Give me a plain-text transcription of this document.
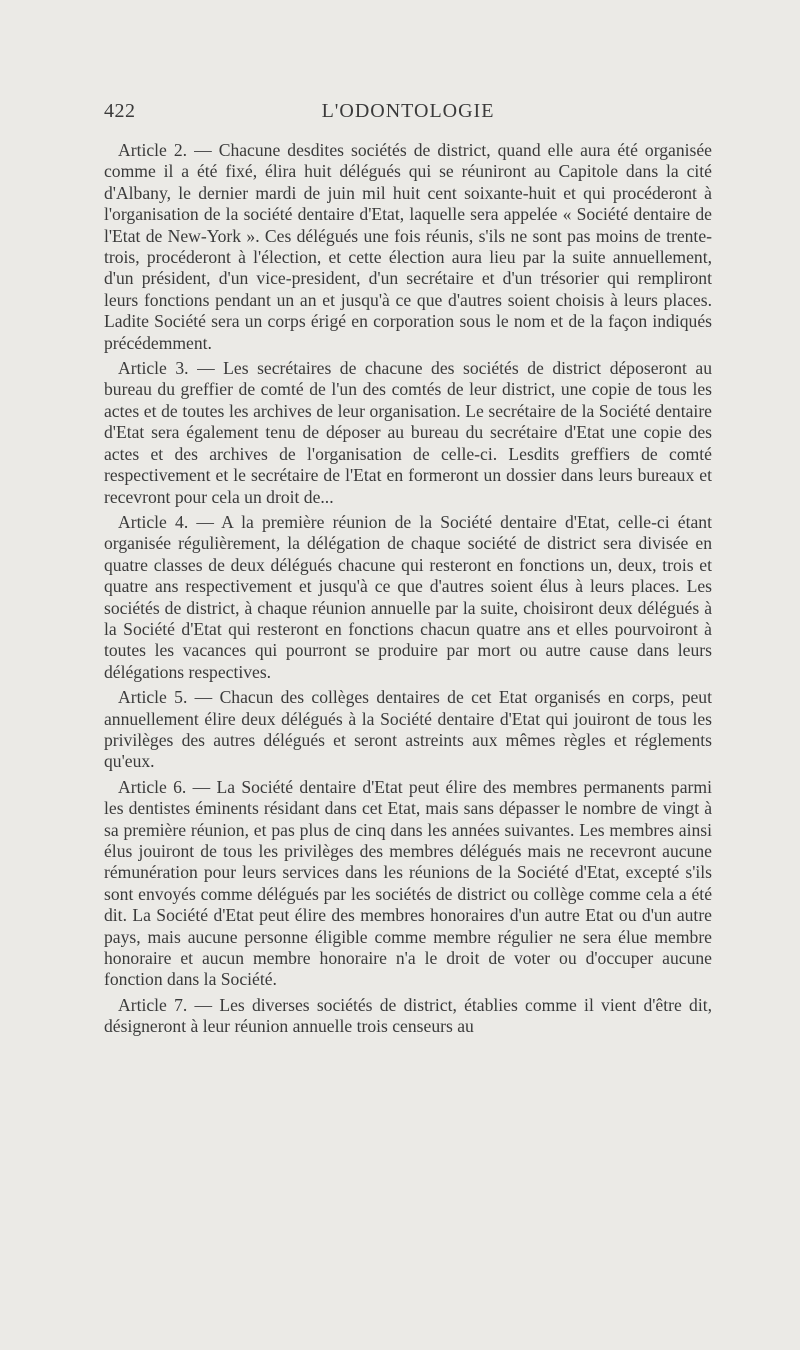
422	L'ODONTOLOGIE

Article 2. — Chacune desdites sociétés de district, quand elle aura été organisée comme il a été fixé, élira huit délégués qui se réuniront au Capitole dans la cité d'Albany, le dernier mardi de juin mil huit cent soixante-huit et qui procéderont à l'organisation de la société dentaire d'Etat, laquelle sera appelée « Société dentaire de l'Etat de New-York ». Ces délégués une fois réunis, s'ils ne sont pas moins de trente-trois, procéderont à l'élection, et cette élection aura lieu par la suite annuellement, d'un président, d'un vice-president, d'un secrétaire et d'un trésorier qui rempliront leurs fonctions pendant un an et jusqu'à ce que d'autres soient choisis à leurs places. Ladite Société sera un corps érigé en corporation sous le nom et de la façon indiqués précédemment.

Article 3. — Les secrétaires de chacune des sociétés de district déposeront au bureau du greffier de comté de l'un des comtés de leur district, une copie de tous les actes et de toutes les archives de leur organisation. Le secrétaire de la Société dentaire d'Etat sera également tenu de déposer au bureau du secrétaire d'Etat une copie des actes et des archives de l'organisation de celle-ci. Lesdits greffiers de comté respectivement et le secrétaire de l'Etat en formeront un dossier dans leurs bureaux et recevront pour cela un droit de...

Article 4. — A la première réunion de la Société dentaire d'Etat, celle-ci étant organisée régulièrement, la délégation de chaque société de district sera divisée en quatre classes de deux délégués chacune qui resteront en fonctions un, deux, trois et quatre ans respectivement et jusqu'à ce que d'autres soient élus à leurs places. Les sociétés de district, à chaque réunion annuelle par la suite, choisiront deux délégués à la Société d'Etat qui resteront en fonctions chacun quatre ans et elles pourvoiront à toutes les vacances qui pourront se produire par mort ou autre cause dans leurs délégations respectives.

Article 5. — Chacun des collèges dentaires de cet Etat organisés en corps, peut annuellement élire deux délégués à la Société dentaire d'Etat qui jouiront de tous les privilèges des autres délégués et seront astreints aux mêmes règles et réglements qu'eux.

Article 6. — La Société dentaire d'Etat peut élire des membres permanents parmi les dentistes éminents résidant dans cet Etat, mais sans dépasser le nombre de vingt à sa première réunion, et pas plus de cinq dans les années suivantes. Les membres ainsi élus jouiront de tous les privilèges des membres délégués mais ne recevront aucune rémunération pour leurs services dans les réunions de la Société d'Etat, excepté s'ils sont envoyés comme délégués par les sociétés de district ou collège comme cela a été dit. La Société d'Etat peut élire des membres honoraires d'un autre Etat ou d'un autre pays, mais aucune personne éligible comme membre régulier ne sera élue membre honoraire et aucun membre honoraire n'a le droit de voter ou d'occuper aucune fonction dans la Société.

Article 7. — Les diverses sociétés de district, établies comme il vient d'être dit, désigneront à leur réunion annuelle trois censeurs au
